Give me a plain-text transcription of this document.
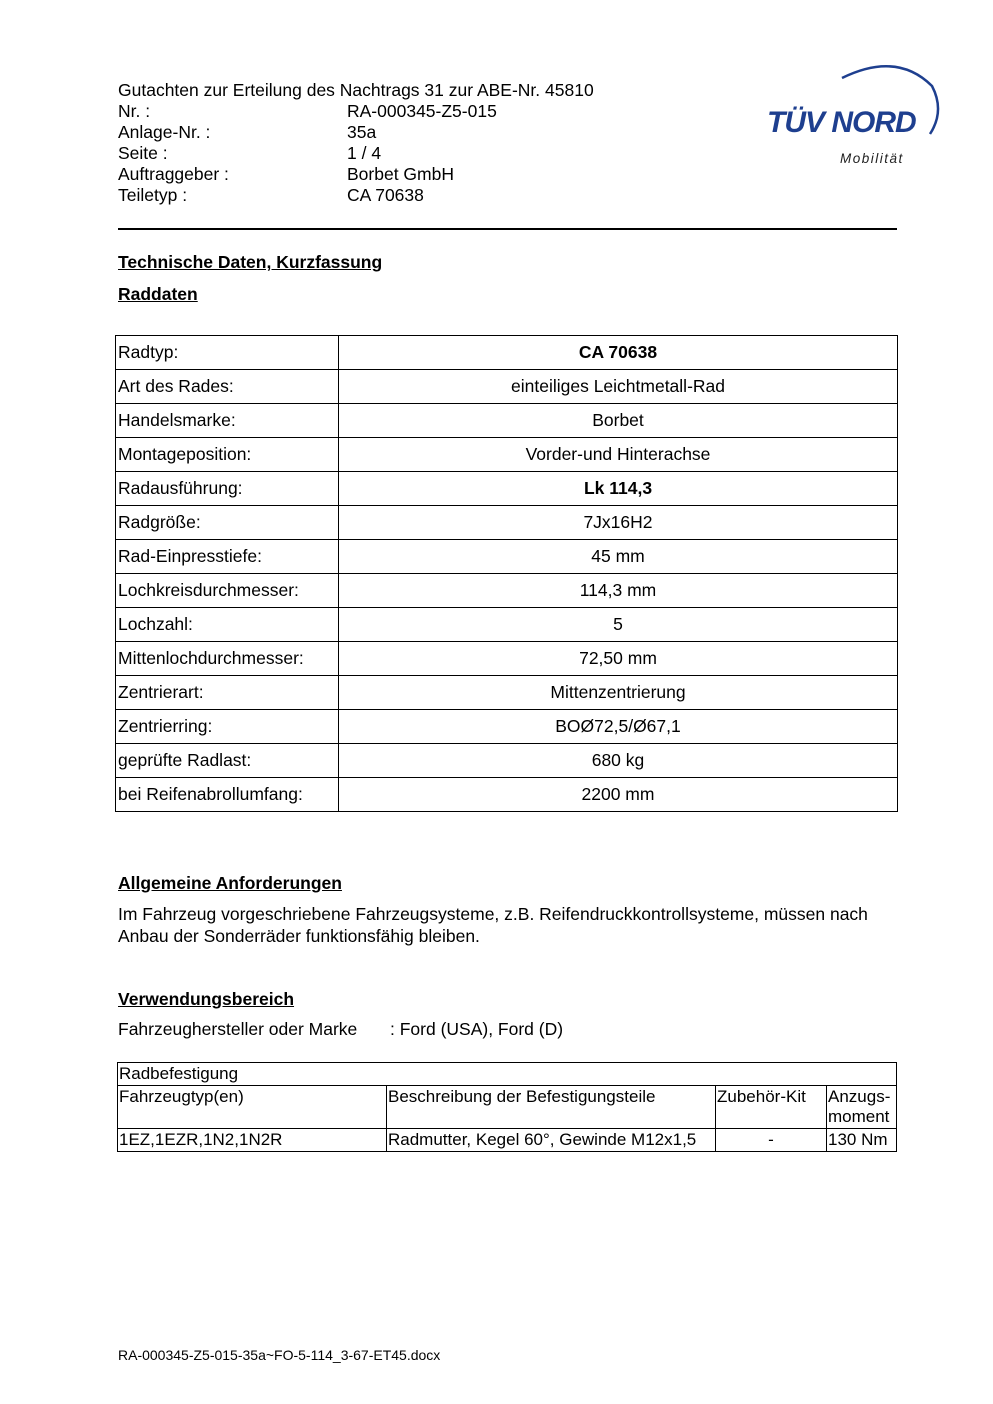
Gutachten zur Erteilung des Nachtrags 31 zur ABE-Nr. 45810
Nr. :	RA-000345-Z5-015
Anlage-Nr. :	35a
Seite :	1 / 4
Auftraggeber :	Borbet GmbH
Teiletyp :	CA 70638
TÜV NORD
Mobilität
Technische Daten, Kurzfassung
Raddaten
Radtyp:	CA 70638
Art des Rades:	einteiliges Leichtmetall-Rad
Handelsmarke:	Borbet
Montageposition:	Vorder-und Hinterachse
Radausführung:	Lk 114,3
Radgröße:	7Jx16H2
Rad-Einpresstiefe:	45 mm
Lochkreisdurchmesser:	114,3 mm
Lochzahl:	5
Mittenlochdurchmesser:	72,50 mm
Zentrierart:	Mittenzentrierung
Zentrierring:	BOØ72,5/Ø67,1
geprüfte Radlast:	680 kg
bei Reifenabrollumfang:	2200 mm
Allgemeine Anforderungen
Im Fahrzeug vorgeschriebene Fahrzeugsysteme, z.B. Reifendruckkontrollsysteme, müssen nach Anbau der Sonderräder funktionsfähig bleiben.
Verwendungsbereich
Fahrzeughersteller oder Marke	: Ford (USA), Ford (D)
Radbefestigung			
Fahrzeugtyp(en)	Beschreibung der Befestigungsteile	Zubehör-Kit	Anzugs-moment
1EZ,1EZR,1N2,1N2R	Radmutter, Kegel 60°, Gewinde M12x1,5	-	130 Nm
RA-000345-Z5-015-35a~FO-5-114_3-67-ET45.docx
